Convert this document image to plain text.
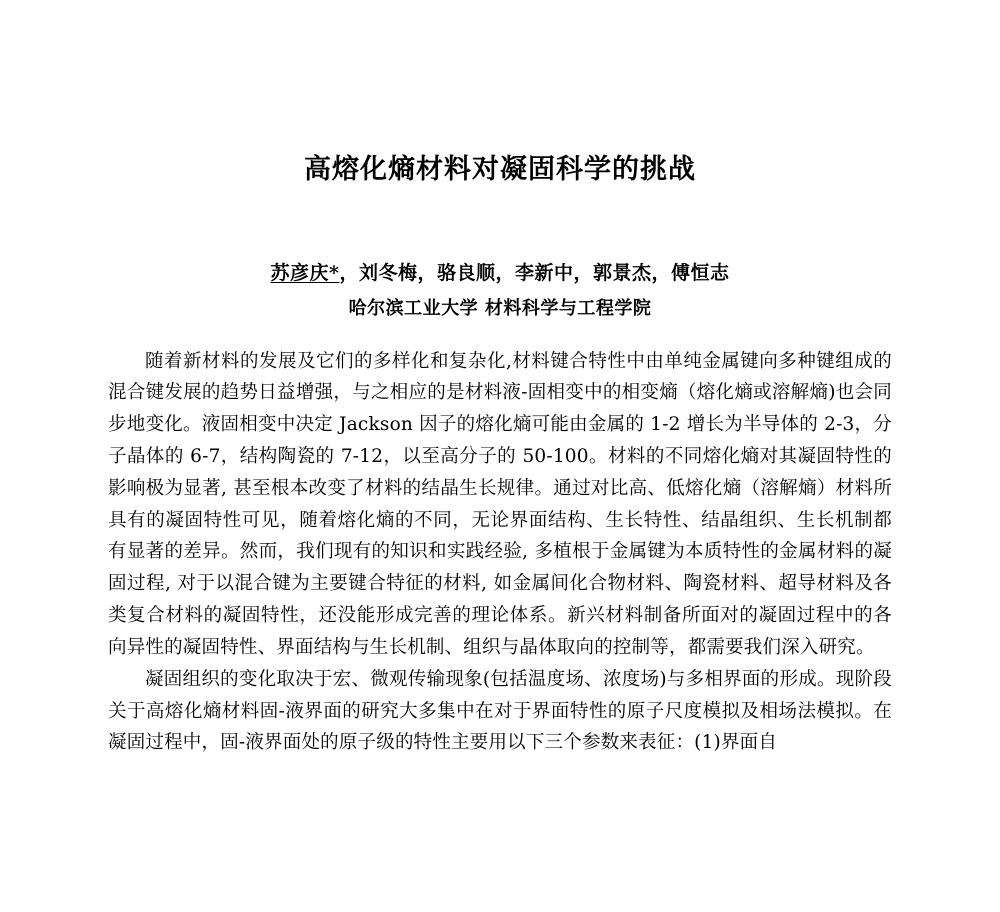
高熔化熵材料对凝固科学的挑战
苏彦庆*，刘冬梅，骆良顺，李新中，郭景杰，傅恒志
哈尔滨工业大学 材料科学与工程学院

随着新材料的发展及它们的多样化和复杂化,材料键合特性中由单纯金属键向多种键组成的混合键发展的趋势日益增强，与之相应的是材料液-固相变中的相变熵（熔化熵或溶解熵)也会同步地变化。液固相变中决定 Jackson 因子的熔化熵可能由金属的 1-2 增长为半导体的 2-3，分子晶体的 6-7，结构陶瓷的 7-12，以至高分子的 50-100。材料的不同熔化熵对其凝固特性的影响极为显著, 甚至根本改变了材料的结晶生长规律。通过对比高、低熔化熵（溶解熵）材料所具有的凝固特性可见，随着熔化熵的不同，无论界面结构、生长特性、结晶组织、生长机制都有显著的差异。然而，我们现有的知识和实践经验, 多植根于金属键为本质特性的金属材料的凝固过程, 对于以混合键为主要键合特征的材料, 如金属间化合物材料、陶瓷材料、超导材料及各类复合材料的凝固特性，还没能形成完善的理论体系。新兴材料制备所面对的凝固过程中的各向异性的凝固特性、界面结构与生长机制、组织与晶体取向的控制等，都需要我们深入研究。

凝固组织的变化取决于宏、微观传输现象(包括温度场、浓度场)与多相界面的形成。现阶段关于高熔化熵材料固-液界面的研究大多集中在对于界面特性的原子尺度模拟及相场法模拟。在凝固过程中，固-液界面处的原子级的特性主要用以下三个参数来表征：(1)界面自
